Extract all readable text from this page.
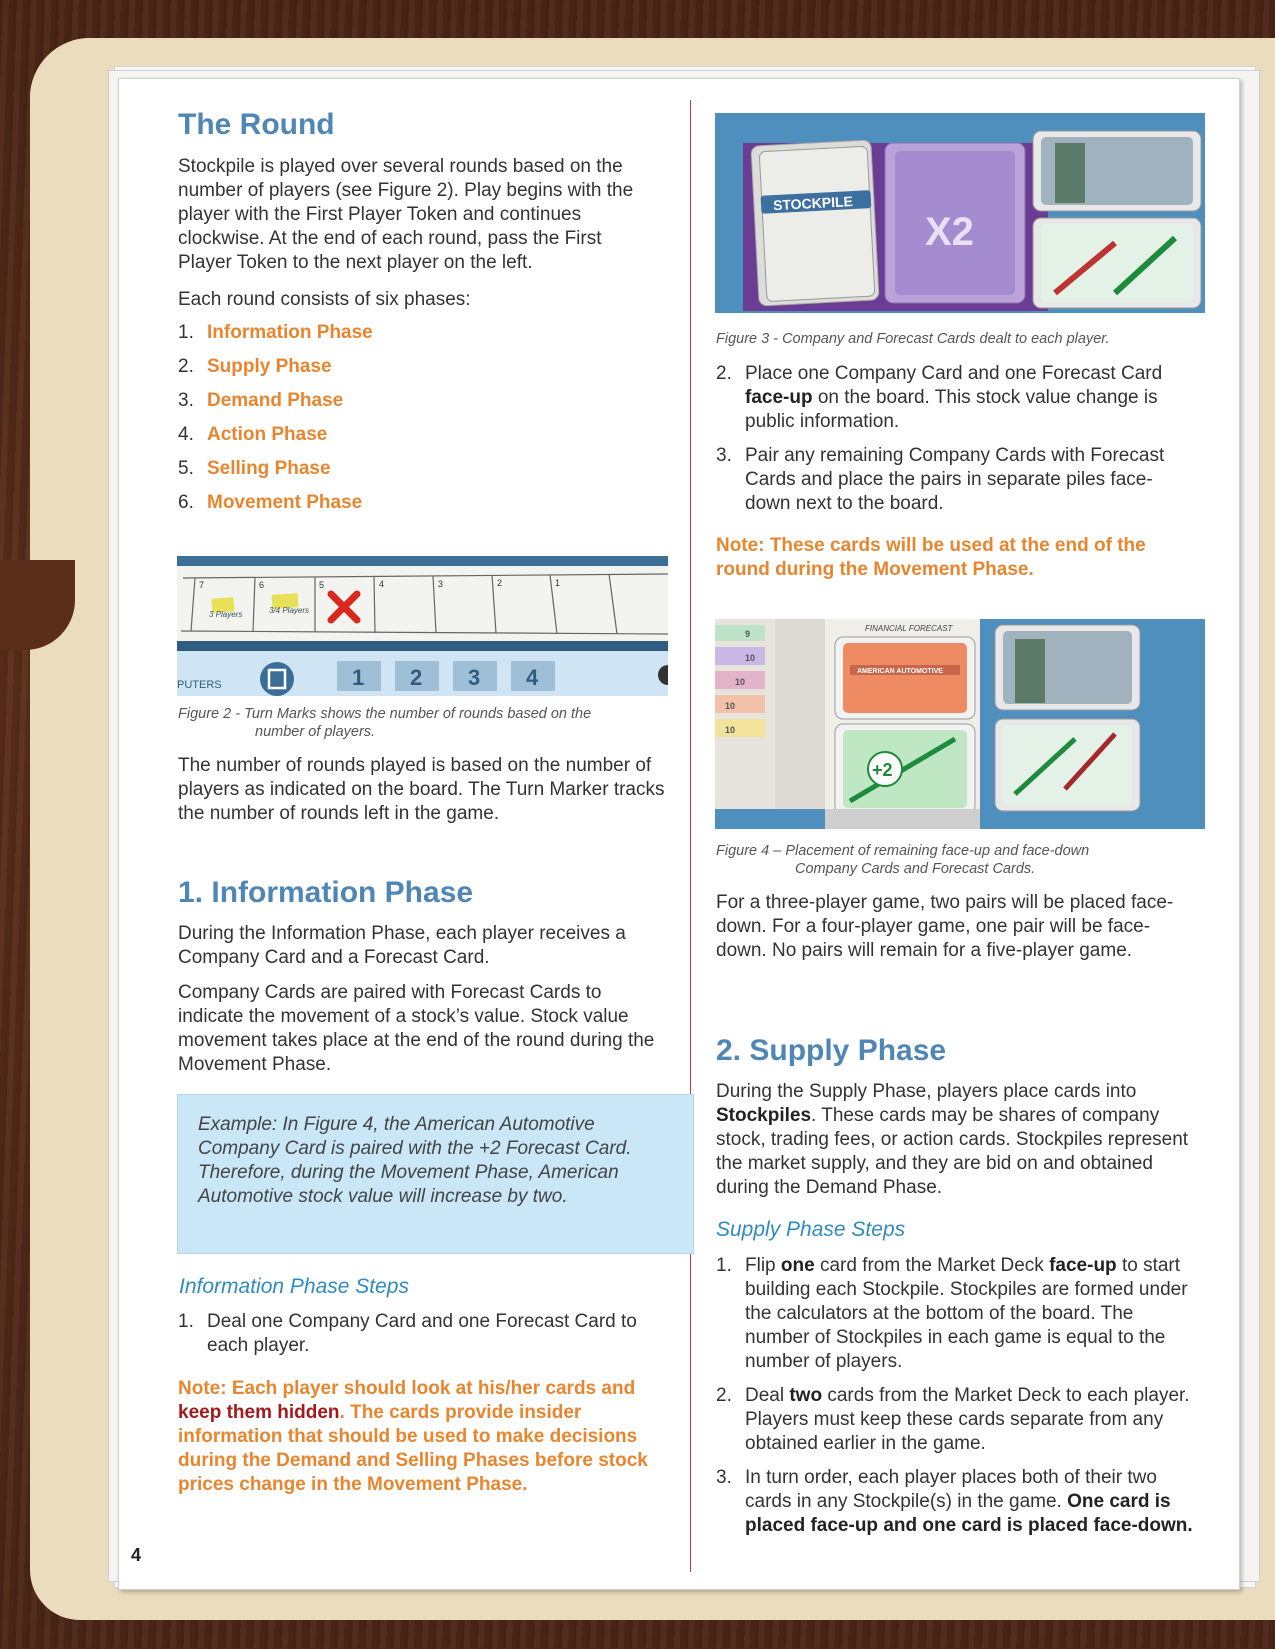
The Round

Stockpile is played over several rounds based on the number of players (see Figure 2). Play begins with the player with the First Player Token and continues clockwise. At the end of each round, pass the First Player Token to the next player on the left.

Each round consists of six phases:

1. Information Phase
2. Supply Phase
3. Demand Phase
4. Action Phase
5. Selling Phase
6. Movement Phase
7	6	5	4	3	2	1
3 Players	3/4 Players
1 2 3 4
PUTERS

Figure 2 - Turn Marks shows the number of rounds based on the

number of players.

The number of rounds played is based on the number of players as indicated on the board. The Turn Marker tracks the number of rounds left in the game.

1. Information Phase

During the Information Phase, each player receives a Company Card and a Forecast Card.

Company Cards are paired with Forecast Cards to indicate the movement of a stock’s value. Stock value movement takes place at the end of the round during the Movement Phase.

Example: In Figure 4, the American Automotive Company Card is paired with the +2 Forecast Card. Therefore, during the Movement Phase, American Automotive stock value will increase by two.

Information Phase Steps

1. Deal one Company Card and one Forecast Card to each player.

Note: Each player should look at his/her cards and keep them hidden. The cards provide insider information that should be used to make decisions during the Demand and Selling Phases before stock prices change in the Movement Phase.

STOCKPILE
X2

Figure 3 - Company and Forecast Cards dealt to each player.

2. Place one Company Card and one Forecast Card face-up on the board. This stock value change is public information.
3. Pair any remaining Company Cards with Forecast Cards and place the pairs in separate piles face-down next to the board.

Note: These cards will be used at the end of the round during the Movement Phase.

9
10
10
10
10
FINANCIAL FORECAST
AMERICAN AUTOMOTIVE
+2

Figure 4 – Placement of remaining face-up and face-down

Company Cards and Forecast Cards.

For a three-player game, two pairs will be placed face-down. For a four-player game, one pair will be face-down. No pairs will remain for a five-player game.

2. Supply Phase

During the Supply Phase, players place cards into Stockpiles. These cards may be shares of company stock, trading fees, or action cards. Stockpiles represent the market supply, and they are bid on and obtained during the Demand Phase.

Supply Phase Steps

1. Flip one card from the Market Deck face-up to start building each Stockpile. Stockpiles are formed under the calculators at the bottom of the board. The number of Stockpiles in each game is equal to the number of players.
2. Deal two cards from the Market Deck to each player. Players must keep these cards separate from any obtained earlier in the game.
3. In turn order, each player places both of their two cards in any Stockpile(s) in the game. One card is placed face-up and one card is placed face-down.
4
